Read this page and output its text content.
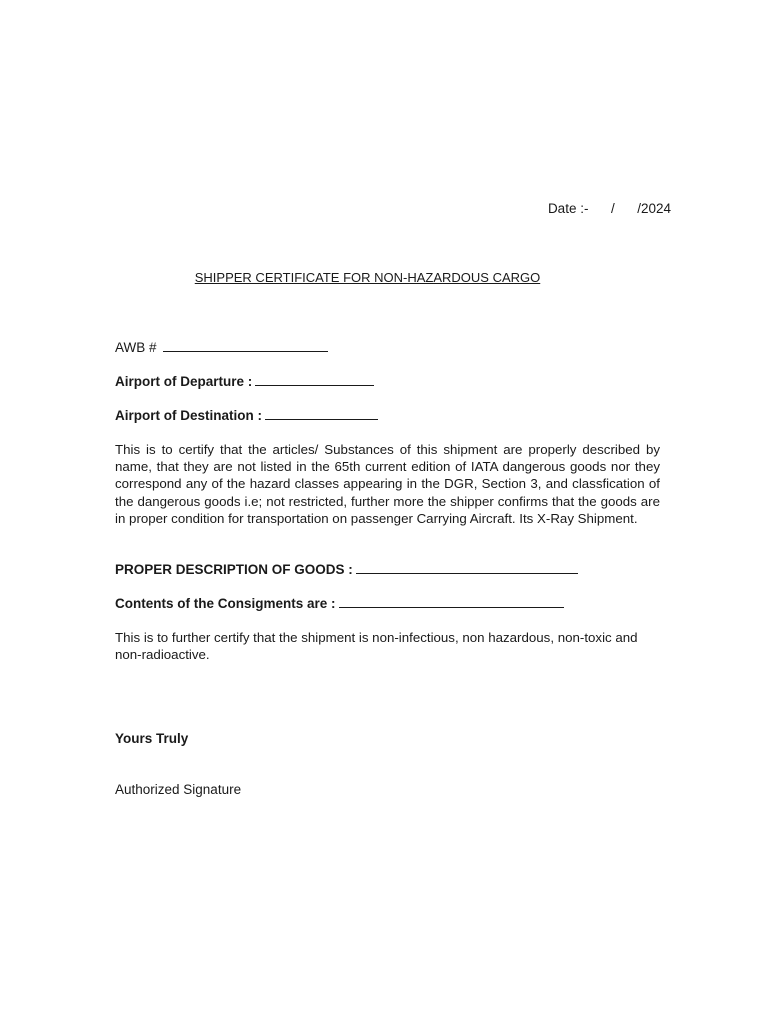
Date :-      /      /2024
SHIPPER CERTIFICATE FOR NON-HAZARDOUS CARGO
AWB #
Airport of Departure :
Airport of Destination :

This is to certify that the articles/ Substances of this shipment are properly described by name, that they are not listed in the 65th current edition of IATA dangerous goods nor they correspond any of the hazard classes appearing in the DGR, Section 3, and classfication of the dangerous goods i.e; not restricted, further more the shipper confirms that the goods are in proper condition for transportation on passenger Carrying Aircraft. Its X-Ray Shipment.

PROPER DESCRIPTION OF GOODS :
Contents of the Consigments are :

This is to further certify that the shipment is non-infectious, non hazardous, non-toxic and non-radioactive.

Yours Truly
Authorized Signature
